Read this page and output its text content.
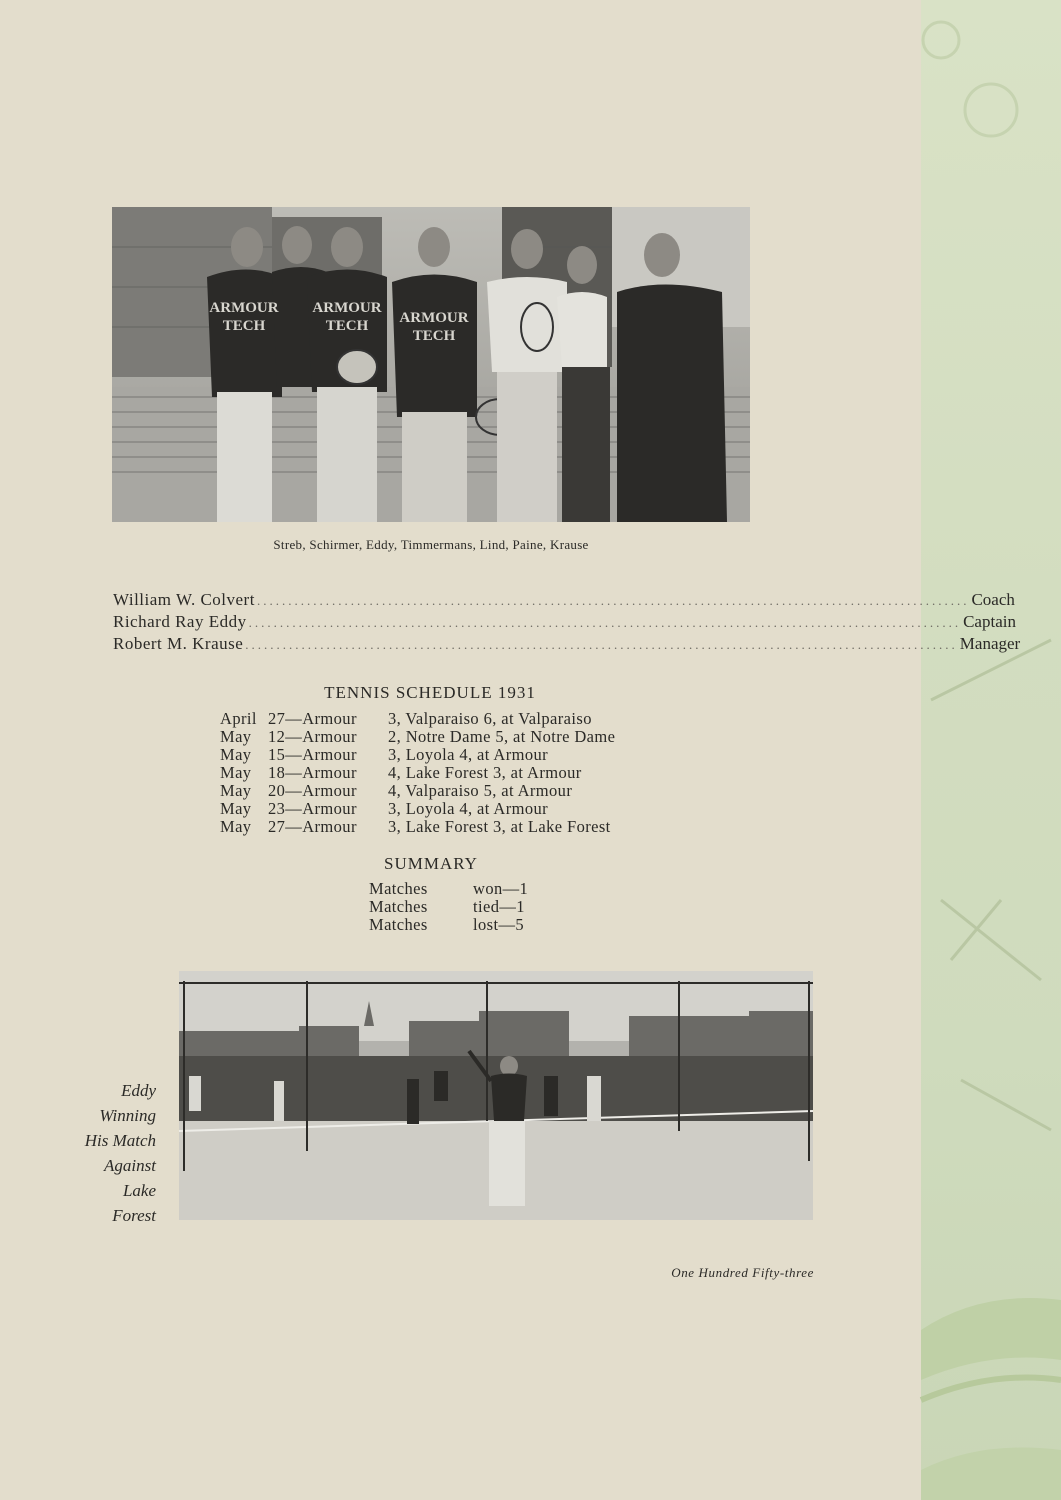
ARMOUR
TECH
ARMOUR
TECH ARMOUR
TECH
Streb, Schirmer, Eddy, Timmermans, Lind, Paine, Krause
William W. Colvert .................................................................................................................. Coach
Richard Ray Eddy .................................................................................................................. Captain
Robert M. Krause .................................................................................................................. Manager
TENNIS SCHEDULE 1931
April 27—Armour	3, Valparaiso 6, at Valparaiso
May	12—Armour	2, Notre Dame 5, at Notre Dame
May	15—Armour	3, Loyola 4, at Armour
May	18—Armour	4, Lake Forest 3, at Armour
May	20—Armour	4, Valparaiso 5, at Armour
May	23—Armour	3, Loyola 4, at Armour
May	27—Armour	3, Lake Forest 3, at Lake Forest
SUMMARY
Matches	won—1
Matches	tied—1
Matches	lost—5
Eddy
Winning
His Match
Against
Lake
Forest
One Hundred Fifty-three
